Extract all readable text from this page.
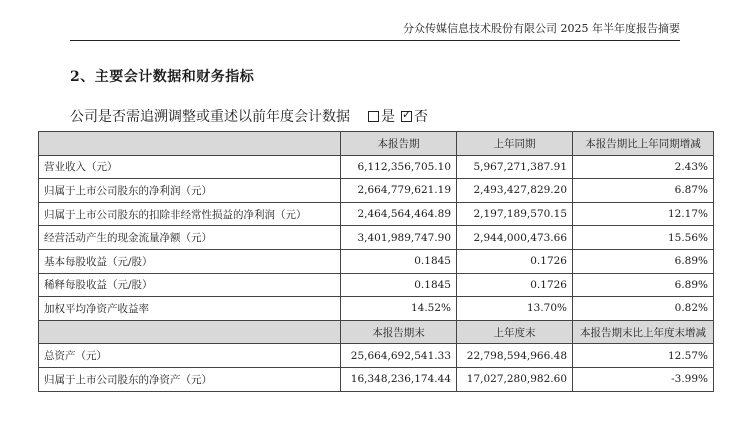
分众传媒信息技术股份有限公司 2025 年半年度报告摘要
2、主要会计数据和财务指标
公司是否需追溯调整或重述以前年度会计数据 是 ✓ 否
	本报告期	上年同期	本报告期比上年同期增减
营业收入（元）	6,112,356,705.10	5,967,271,387.91	2.43%
归属于上市公司股东的净利润（元）	2,664,779,621.19	2,493,427,829.20	6.87%
归属于上市公司股东的扣除非经常性损益的净利润（元）	2,464,564,464.89	2,197,189,570.15	12.17%
经营活动产生的现金流量净额（元）	3,401,989,747.90	2,944,000,473.66	15.56%
基本每股收益（元/股）	0.1845	0.1726	6.89%
稀释每股收益（元/股）	0.1845	0.1726	6.89%
加权平均净资产收益率	14.52%	13.70%	0.82%
	本报告期末	上年度末	本报告期末比上年度末增减
总资产（元）	25,664,692,541.33	22,798,594,966.48	12.57%
归属于上市公司股东的净资产（元）	16,348,236,174.44	17,027,280,982.60	-3.99%
